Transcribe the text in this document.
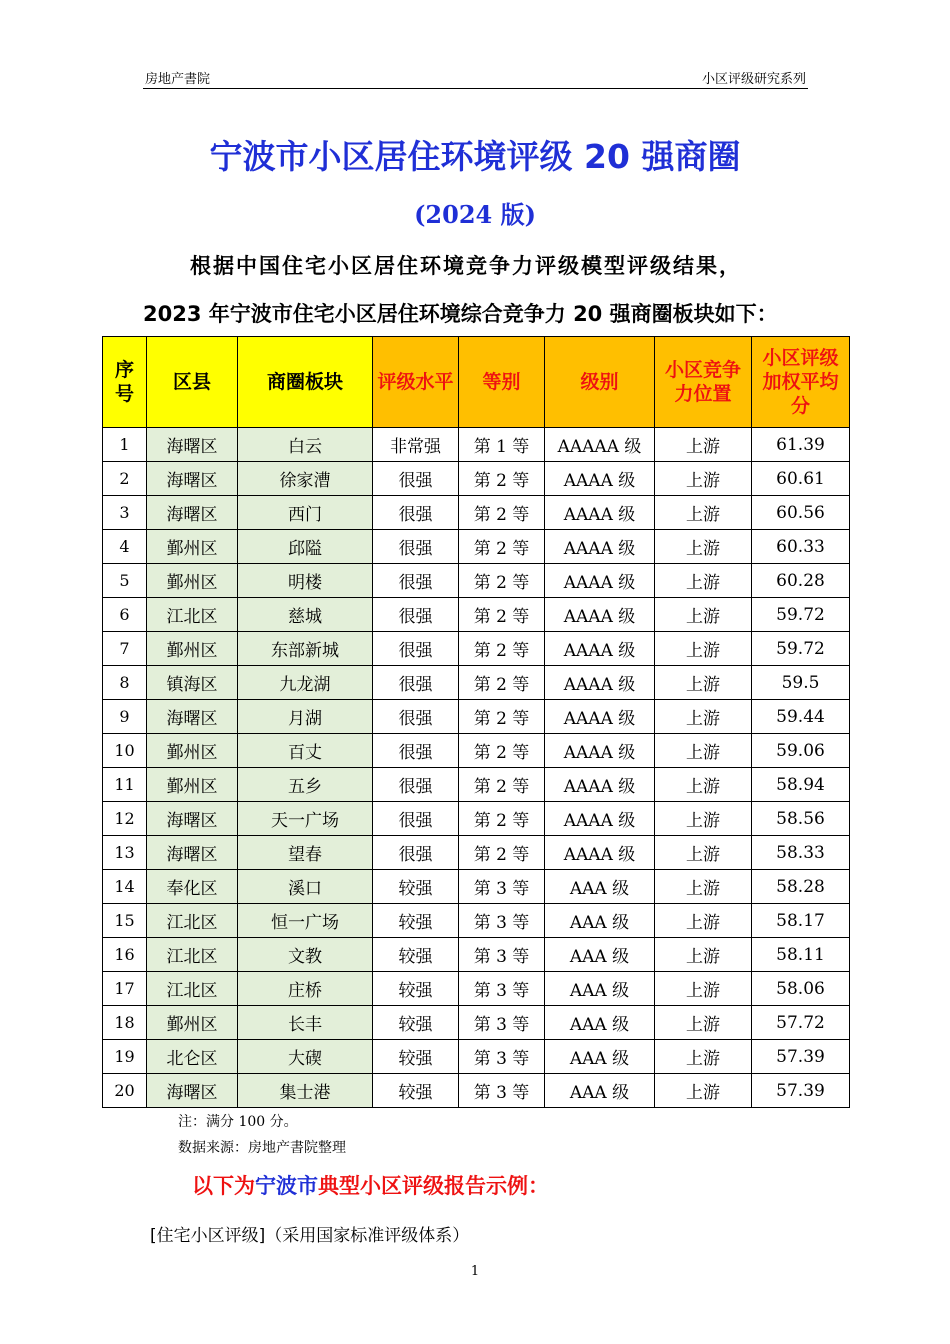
房地产書院	小区评级研究系列
宁波市小区居住环境评级 20 强商圈
(2024 版)
根据中国住宅小区居住环境竞争力评级模型评级结果，
2023 年宁波市住宅小区居住环境综合竞争力 20 强商圈板块如下：
序号	区县	商圈板块	评级水平	等别	级别	小区竞争力位置	小区评级加权平均分

1	海曙区	白云	非常强	第 1 等	AAAAA 级	上游	61.39
2	海曙区	徐家漕	很强	第 2 等	AAAA 级	上游	60.61
3	海曙区	西门	很强	第 2 等	AAAA 级	上游	60.56
4	鄞州区	邱隘	很强	第 2 等	AAAA 级	上游	60.33
5	鄞州区	明楼	很强	第 2 等	AAAA 级	上游	60.28
6	江北区	慈城	很强	第 2 等	AAAA 级	上游	59.72
7	鄞州区	东部新城	很强	第 2 等	AAAA 级	上游	59.72
8	镇海区	九龙湖	很强	第 2 等	AAAA 级	上游	59.5
9	海曙区	月湖	很强	第 2 等	AAAA 级	上游	59.44
10	鄞州区	百丈	很强	第 2 等	AAAA 级	上游	59.06
11	鄞州区	五乡	很强	第 2 等	AAAA 级	上游	58.94
12	海曙区	天一广场	很强	第 2 等	AAAA 级	上游	58.56
13	海曙区	望春	很强	第 2 等	AAAA 级	上游	58.33
14	奉化区	溪口	较强	第 3 等	AAA 级	上游	58.28
15	江北区	恒一广场	较强	第 3 等	AAA 级	上游	58.17
16	江北区	文教	较强	第 3 等	AAA 级	上游	58.11
17	江北区	庄桥	较强	第 3 等	AAA 级	上游	58.06
18	鄞州区	长丰	较强	第 3 等	AAA 级	上游	57.72
19	北仑区	大碶	较强	第 3 等	AAA 级	上游	57.39
20	海曙区	集士港	较强	第 3 等	AAA 级	上游	57.39
注：满分 100 分。
数据来源：房地产書院整理
以下为宁波市典型小区评级报告示例：
[住宅小区评级]（采用国家标准评级体系）
1
